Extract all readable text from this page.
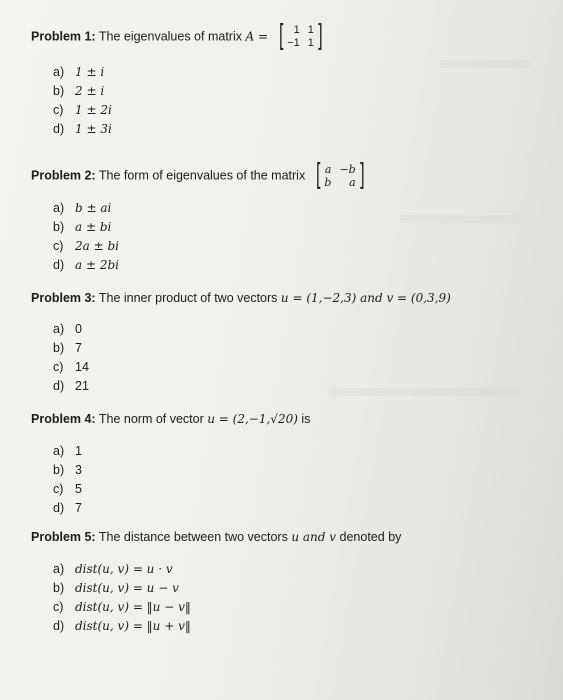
Problem 1: The eigenvalues of matrix A = [ 1 1
−1 1 ]
a) 1 ± i
b) 2 ± i
c) 1 ± 2i
d) 1 ± 3i
Problem 2: The form of eigenvalues of the matrix [ a −b
b	a ]
a) b ± ai
b) a ± bi
c) 2a ± bi
d) a ± 2bi
Problem 3: The inner product of two vectors u = (1,−2,3) and v = (0,3,9)
a) 0
b) 7
c) 14
d) 21
Problem 4: The norm of vector u = (2,−1,√20) is
a) 1
b) 3
c) 5
d) 7
Problem 5: The distance between two vectors u and v denoted by
a) dist(u, v) = u · v
b) dist(u, v) = u − v
c) dist(u, v) = ‖u − v‖
d) dist(u, v) = ‖u + v‖
